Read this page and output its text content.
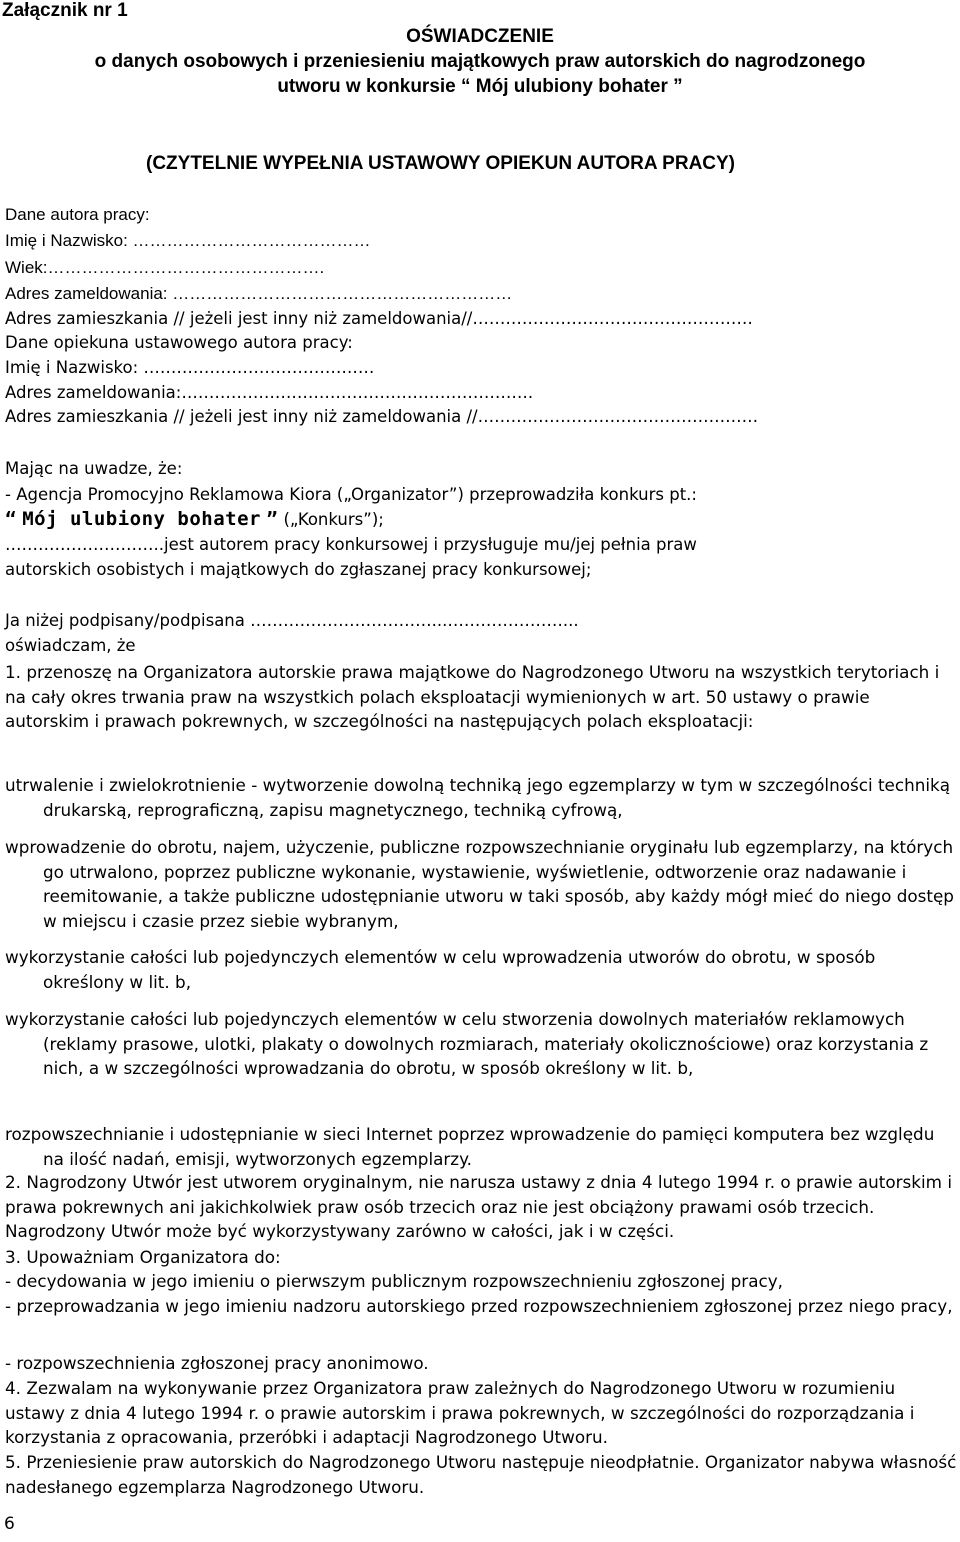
Załącznik nr 1
OŚWIADCZENIE
o danych osobowych i przeniesieniu majątkowych praw autorskich do nagrodzonego
utworu w konkursie “ Mój ulubiony bohater ”
(CZYTELNIE WYPEŁNIA USTAWOWY OPIEKUN AUTORA PRACY)
Dane autora pracy:
Imię i Nazwisko: ……………………………………
Wiek:………………………………………….
Adres zameldowania: ……………………………………………………
Adres zamieszkania // jeżeli jest inny niż zameldowania//……………………………………………
Dane opiekuna ustawowego autora pracy:
Imię i Nazwisko: ……………………………………
Adres zameldowania:……………………………………………………….
Adres zamieszkania // jeżeli jest inny niż zameldowania //……………………………………………
Mając na uwadze, że:
- Agencja Promocyjno Reklamowa Kiora („Organizator”) przeprowadziła konkurs pt.:
“ Mój ulubiony bohater ” („Konkurs”);
………………………..jest autorem pracy konkursowej i przysługuje mu/jej pełnia praw
autorskich osobistych i majątkowych do zgłaszanej pracy konkursowej;
Ja niżej podpisany/podpisana ……………………………...…………………...
oświadczam, że
1. przenoszę na Organizatora autorskie prawa majątkowe do Nagrodzonego Utworu na wszystkich terytoriach i na cały okres trwania praw na wszystkich polach eksploatacji wymienionych w art. 50 ustawy o prawie autorskim i prawach pokrewnych, w szczególności na następujących polach eksploatacji:
utrwalenie i zwielokrotnienie - wytworzenie dowolną techniką jego egzemplarzy w tym w szczególności techniką drukarską, reprograficzną, zapisu magnetycznego, techniką cyfrową,
wprowadzenie do obrotu, najem, użyczenie, publiczne rozpowszechnianie oryginału lub egzemplarzy, na których go utrwalono, poprzez publiczne wykonanie, wystawienie, wyświetlenie, odtworzenie oraz nadawanie i reemitowanie, a także publiczne udostępnianie utworu w taki sposób, aby każdy mógł mieć do niego dostęp w miejscu i czasie przez siebie wybranym,
wykorzystanie całości lub pojedynczych elementów w celu wprowadzenia utworów do obrotu, w sposób określony w lit. b,
wykorzystanie całości lub pojedynczych elementów w celu stworzenia dowolnych materiałów reklamowych (reklamy prasowe, ulotki, plakaty o dowolnych rozmiarach, materiały okolicznościowe) oraz korzystania z nich, a w szczególności wprowadzania do obrotu, w sposób określony w lit. b,
rozpowszechnianie i udostępnianie w sieci Internet poprzez wprowadzenie do pamięci komputera bez względu na ilość nadań, emisji, wytworzonych egzemplarzy.
2. Nagrodzony Utwór jest utworem oryginalnym, nie narusza ustawy z dnia 4 lutego 1994 r. o prawie autorskim i prawa pokrewnych ani jakichkolwiek praw osób trzecich oraz nie jest obciążony prawami osób trzecich. Nagrodzony Utwór może być wykorzystywany zarówno w całości, jak i w części.
3. Upoważniam Organizatora do:
- decydowania w jego imieniu o pierwszym publicznym rozpowszechnieniu zgłoszonej pracy,
- przeprowadzania w jego imieniu nadzoru autorskiego przed rozpowszechnieniem zgłoszonej przez niego pracy,
- rozpowszechnienia zgłoszonej pracy anonimowo.
4. Zezwalam na wykonywanie przez Organizatora praw zależnych do Nagrodzonego Utworu w rozumieniu ustawy z dnia 4 lutego 1994 r. o prawie autorskim i prawa pokrewnych, w szczególności do rozporządzania i korzystania z opracowania, przeróbki i adaptacji Nagrodzonego Utworu.
5. Przeniesienie praw autorskich do Nagrodzonego Utworu następuje nieodpłatnie. Organizator nabywa własność nadesłanego egzemplarza Nagrodzonego Utworu.
6
